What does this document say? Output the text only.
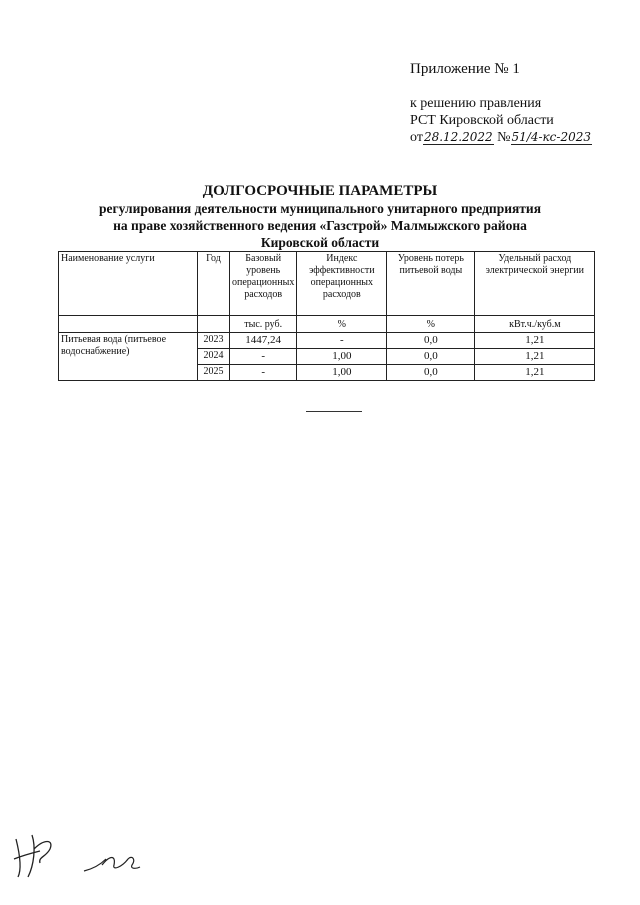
Приложение № 1
к решению правления
РСТ Кировской области
от28.12.2022 №51/4-кс-2023
ДОЛГОСРОЧНЫЕ ПАРАМЕТРЫ
регулирования деятельности муниципального унитарного предприятия
на праве хозяйственного ведения «Газстрой» Малмыжского района
Кировской области
Наименование услуги	Год	Базовый уровень операционных расходов	Индекс эффективности операционных расходов	Уровень потерь питьевой воды	Удельный расход электрической энергии
		тыс. руб.	%	%	кВт.ч./куб.м
Питьевая вода (питьевое водоснабжение)	2023	1447,24	-	0,0	1,21
	2024	-	1,00	0,0	1,21
	2025	-	1,00	0,0	1,21
